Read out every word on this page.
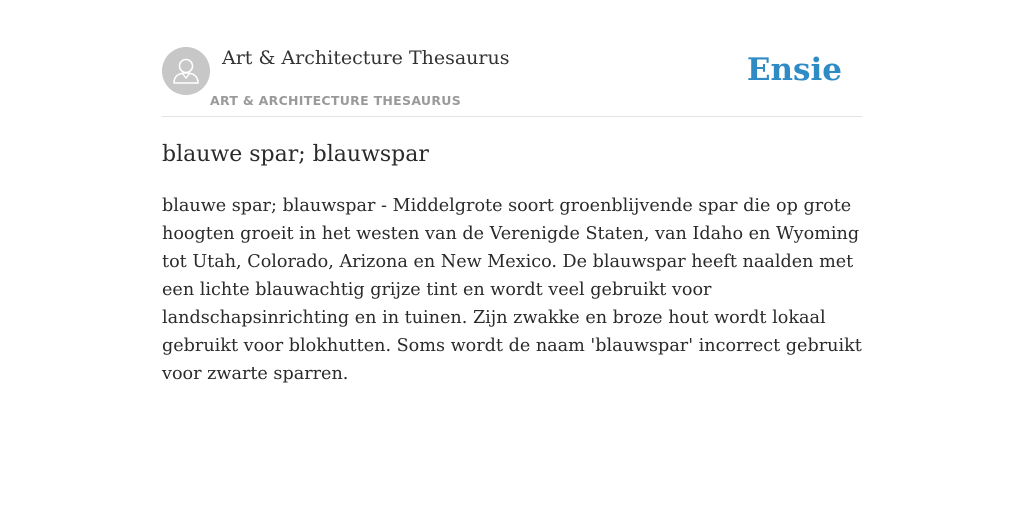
Art & Architecture Thesaurus
ART & ARCHITECTURE THESAURUS
Ensie
blauwe spar; blauwspar

blauwe spar; blauwspar - Middelgrote soort groenblijvende spar die op grote hoogten groeit in het westen van de Verenigde Staten, van Idaho en Wyoming tot Utah, Colorado, Arizona en New Mexico. De blauwspar heeft naalden met een lichte blauwachtig grijze tint en wordt veel gebruikt voor landschapsinrichting en in tuinen. Zijn zwakke en broze hout wordt lokaal gebruikt voor blokhutten. Soms wordt de naam 'blauwspar' incorrect gebruikt voor zwarte sparren.
